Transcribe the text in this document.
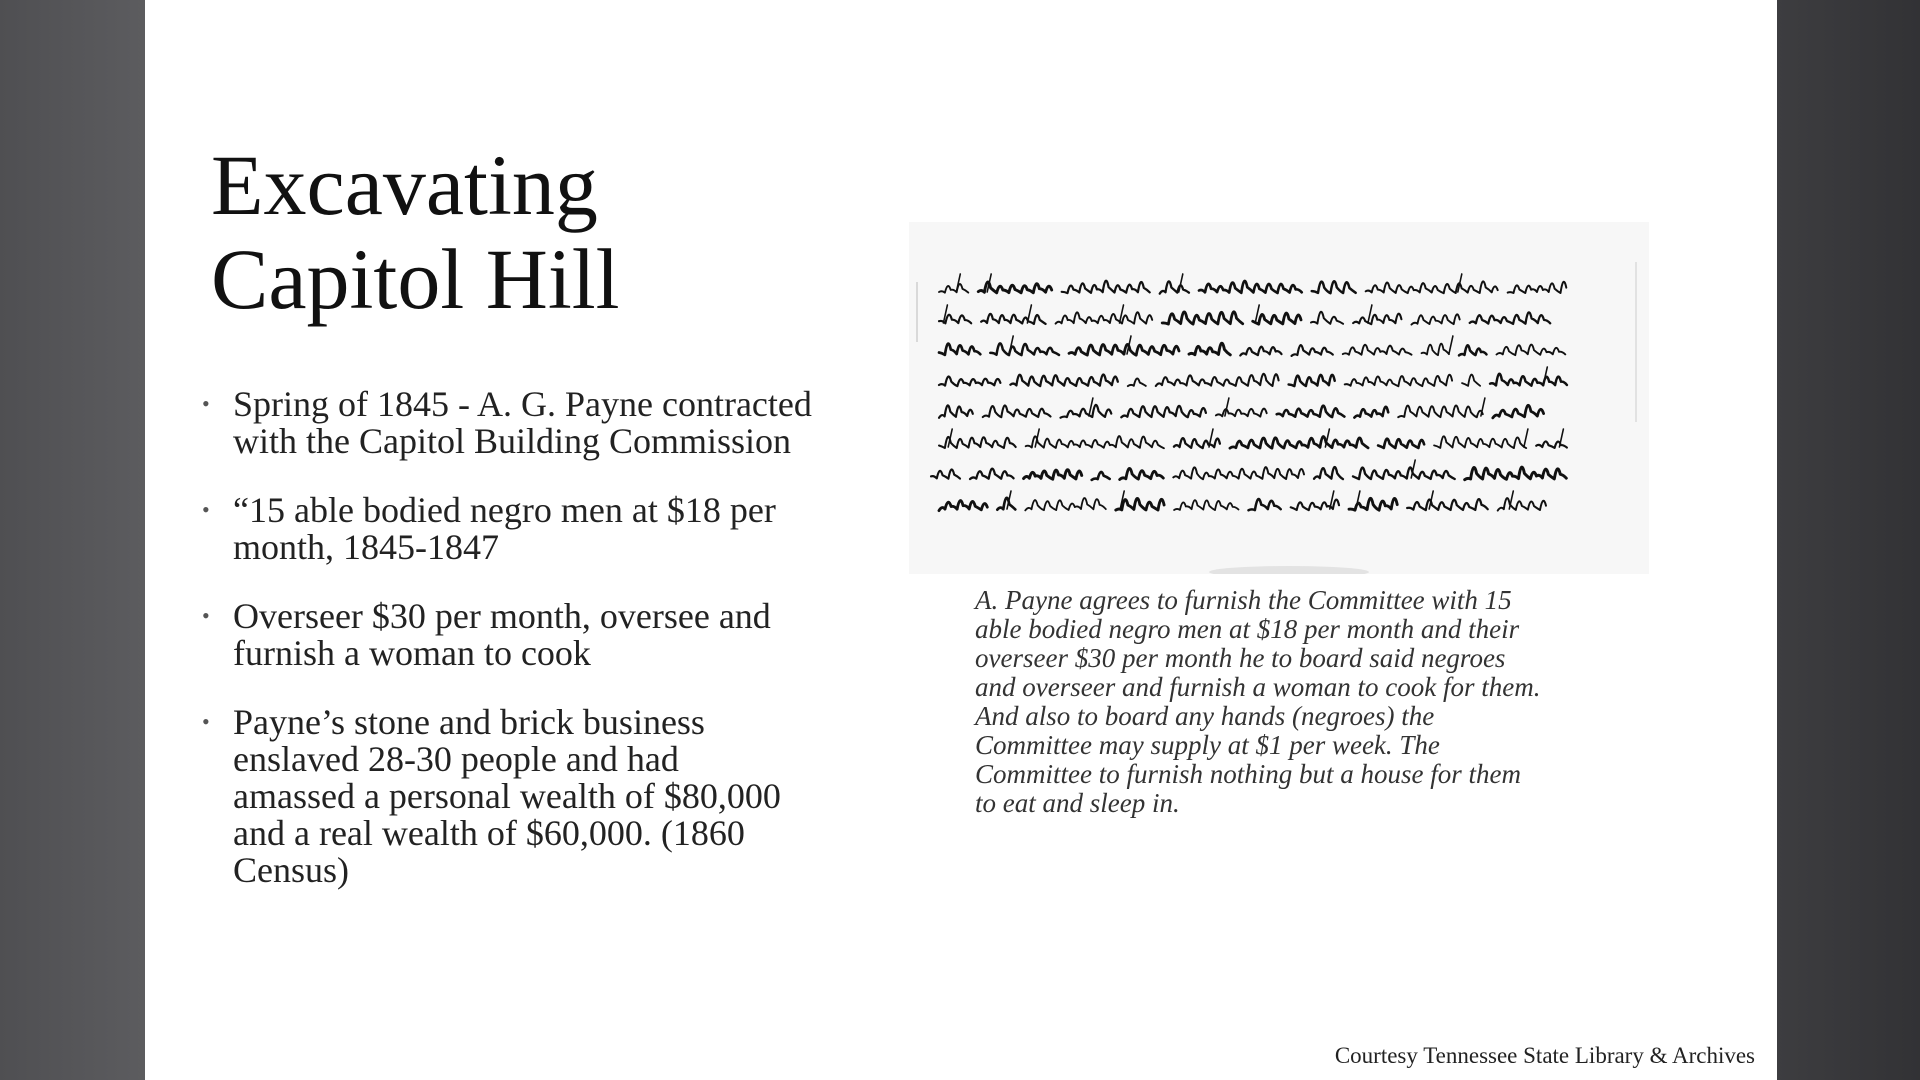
Excavating
Capitol Hill
• Spring of 1845 - A. G. Payne contracted
with the Capitol Building Commission
• “15 able bodied negro men at $18 per
month, 1845-1847
• Overseer $30 per month, oversee and
furnish a woman to cook
• Payne’s stone and brick business
enslaved 28-30 people and had
amassed a personal wealth of $80,000
and a real wealth of $60,000. (1860
Census)
A. Payne agrees to furnish the Committee with 15
able bodied negro men at $18 per month and their
overseer $30 per month he to board said negroes
and overseer and furnish a woman to cook for them.
And also to board any hands (negroes) the
Committee may supply at $1 per week. The
Committee to furnish nothing but a house for them
to eat and sleep in.
Courtesy Tennessee State Library & Archives
